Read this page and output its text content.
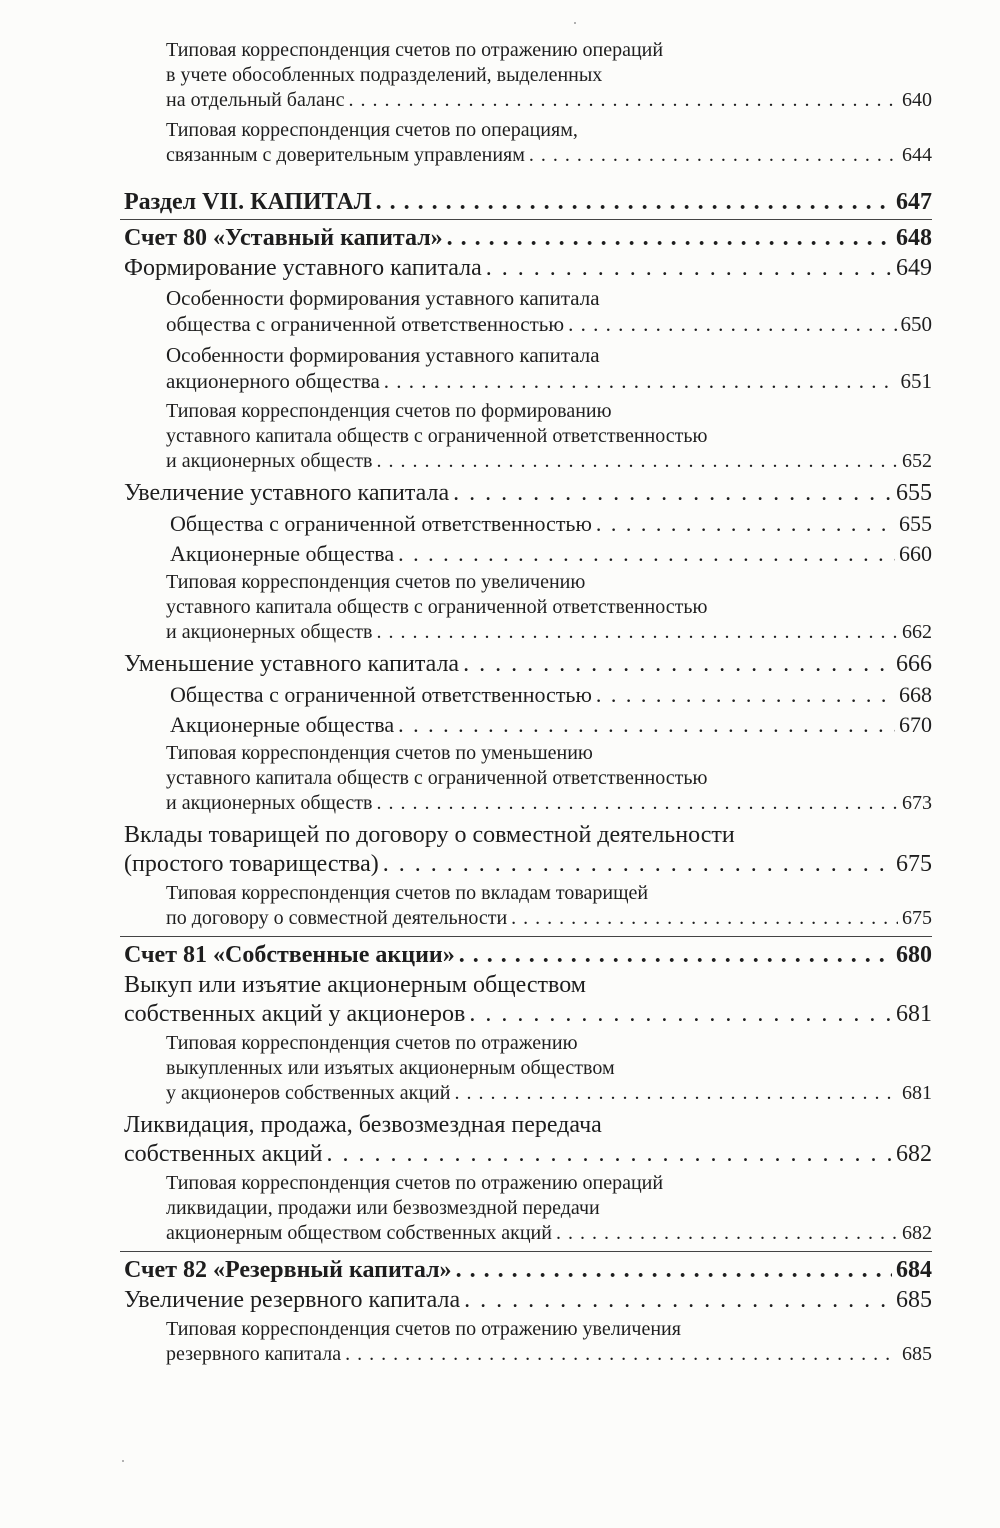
Типовая корреспонденция счетов по отражению операций
в учете обособленных подразделений, выделенных
на отдельный баланс . . .	640
Типовая корреспонденция счетов по операциям,
связанным с доверительным управлениям . . .	644
Раздел VII. КАПИТАЛ . . .	647
Счет 80 «Уставный капитал» . . .	648
Формирование уставного капитала . . .	649
Особенности формирования уставного капитала
общества с ограниченной ответственностью . . .	650
Особенности формирования уставного капитала
акционерного общества . . .	651
Типовая корреспонденция счетов по формированию
уставного капитала обществ с ограниченной ответственностью
и акционерных обществ . . .	652
Увеличение уставного капитала . . .	655
Общества с ограниченной ответственностью . . .	655
Акционерные общества . . .	660
Типовая корреспонденция счетов по увеличению
уставного капитала обществ с ограниченной ответственностью
и акционерных обществ . . .	662
Уменьшение уставного капитала . . .	666
Общества с ограниченной ответственностью . . .	668
Акционерные общества . . .	670
Типовая корреспонденция счетов по уменьшению
уставного капитала обществ с ограниченной ответственностью
и акционерных обществ . . .	673
Вклады товарищей по договору о совместной деятельности
(простого товарищества) . . .	675
Типовая корреспонденция счетов по вкладам товарищей
по договору о совместной деятельности . . .	675
Счет 81 «Собственные акции» . . .	680
Выкуп или изъятие акционерным обществом
собственных акций у акционеров . . .	681
Типовая корреспонденция счетов по отражению
выкупленных или изъятых акционерным обществом
у акционеров собственных акций . . .	681
Ликвидация, продажа, безвозмездная передача
собственных акций . . .	682
Типовая корреспонденция счетов по отражению операций
ликвидации, продажи или безвозмездной передачи
акционерным обществом собственных акций . . .	682
Счет 82 «Резервный капитал» . . .	684
Увеличение резервного капитала . . .	685
Типовая корреспонденция счетов по отражению увеличения
резервного капитала . . .	685
